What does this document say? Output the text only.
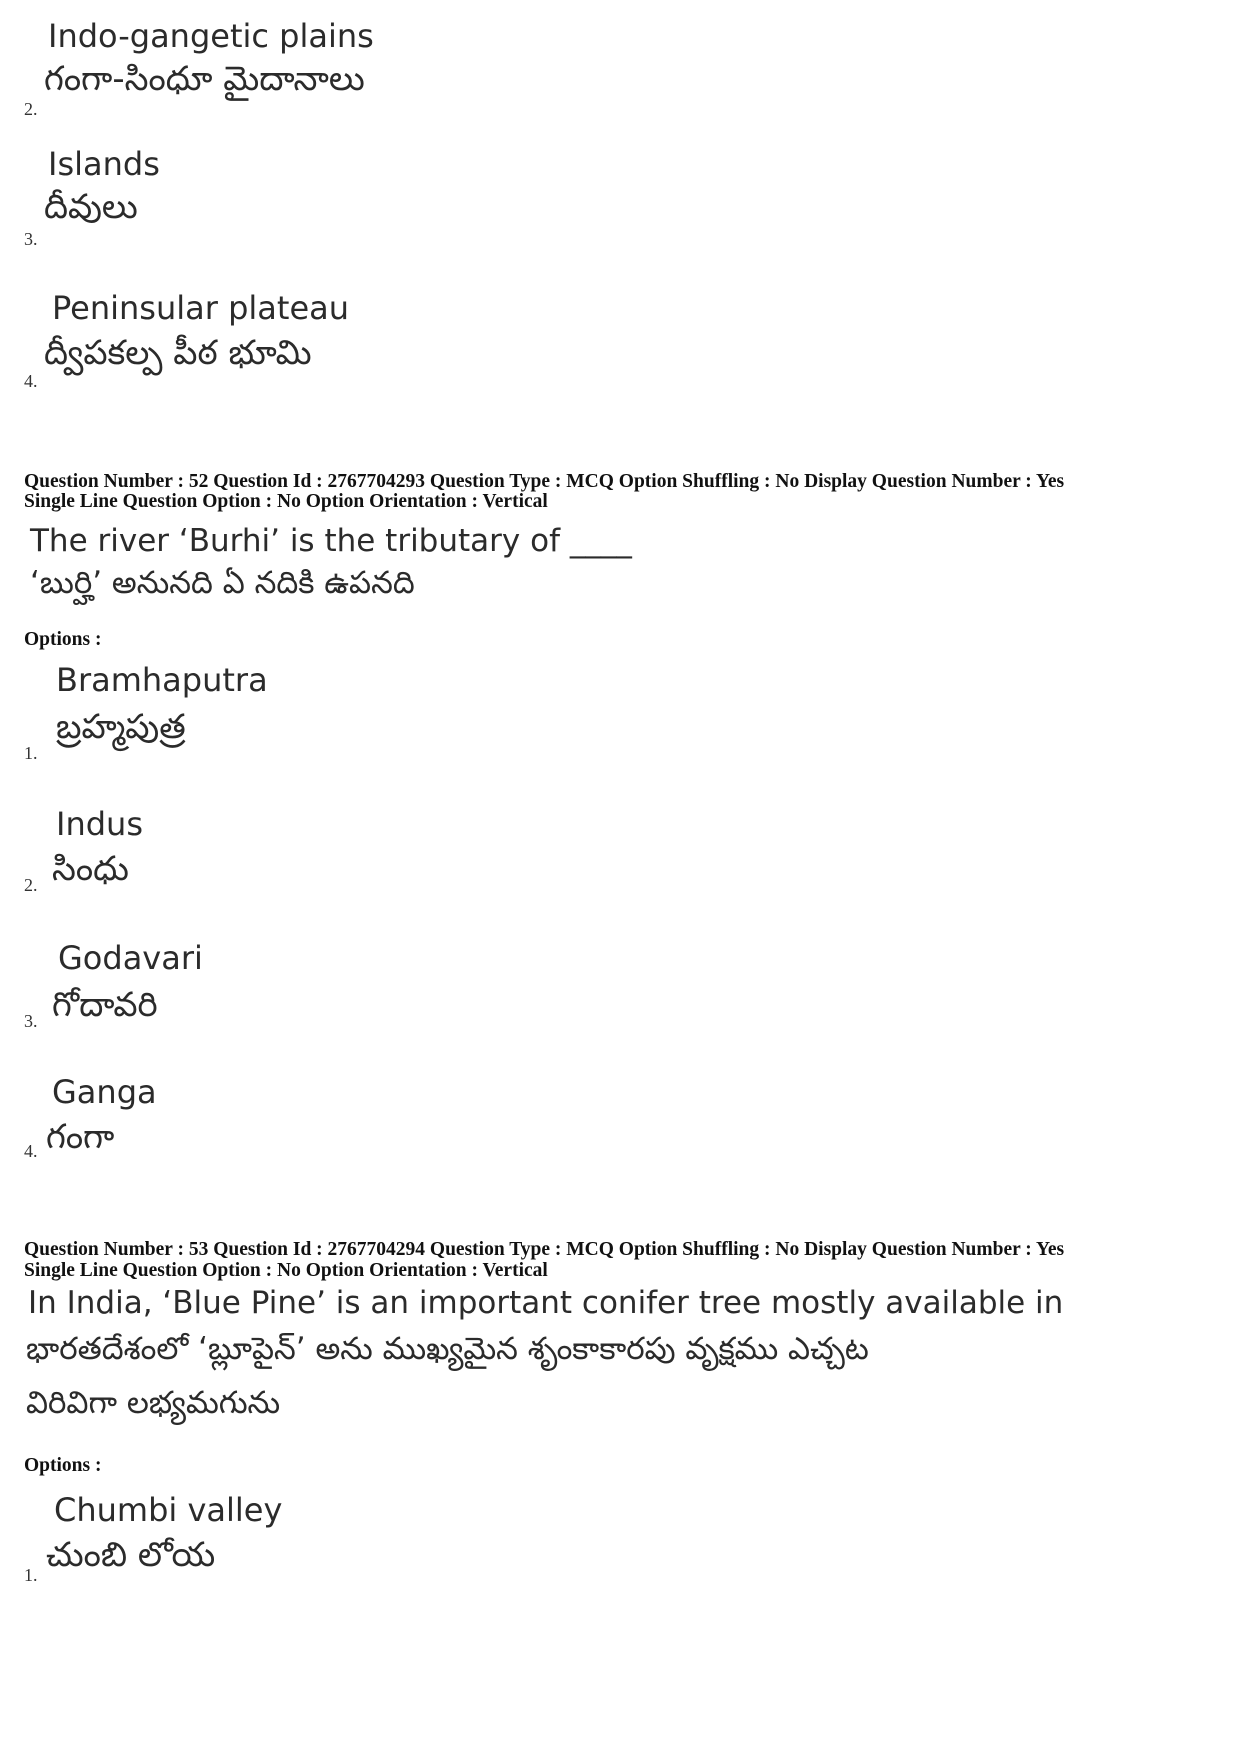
Indo-gangetic plains
గంగా-సింధూ మైదానాలు
2.
Islands
దీవులు
3.
Peninsular plateau
ద్వీపకల్ప పీఠ భూమి
4.
Question Number : 52 Question Id : 2767704293 Question Type : MCQ Option Shuffling : No Display Question Number : Yes
Single Line Question Option : No Option Orientation : Vertical
The river ‘Burhi’ is the tributary of ____
‘బుర్హి’ అనునది ఏ నదికి ఉపనది
Options :
Bramhaputra
బ్రహ్మపుత్ర
1.
Indus
సింధు
2.
Godavari
గోదావరి
3.
Ganga
గంగా
4.
Question Number : 53 Question Id : 2767704294 Question Type : MCQ Option Shuffling : No Display Question Number : Yes
Single Line Question Option : No Option Orientation : Vertical
In India, ‘Blue Pine’ is an important conifer tree mostly available in
భారతదేశంలో ‘బ్లూపైన్’ అను ముఖ్యమైన శృంకాకారపు వృక్షము ఎచ్చట
విరివిగా లభ్యమగును
Options :
Chumbi valley
చుంబి లోయ
1.
